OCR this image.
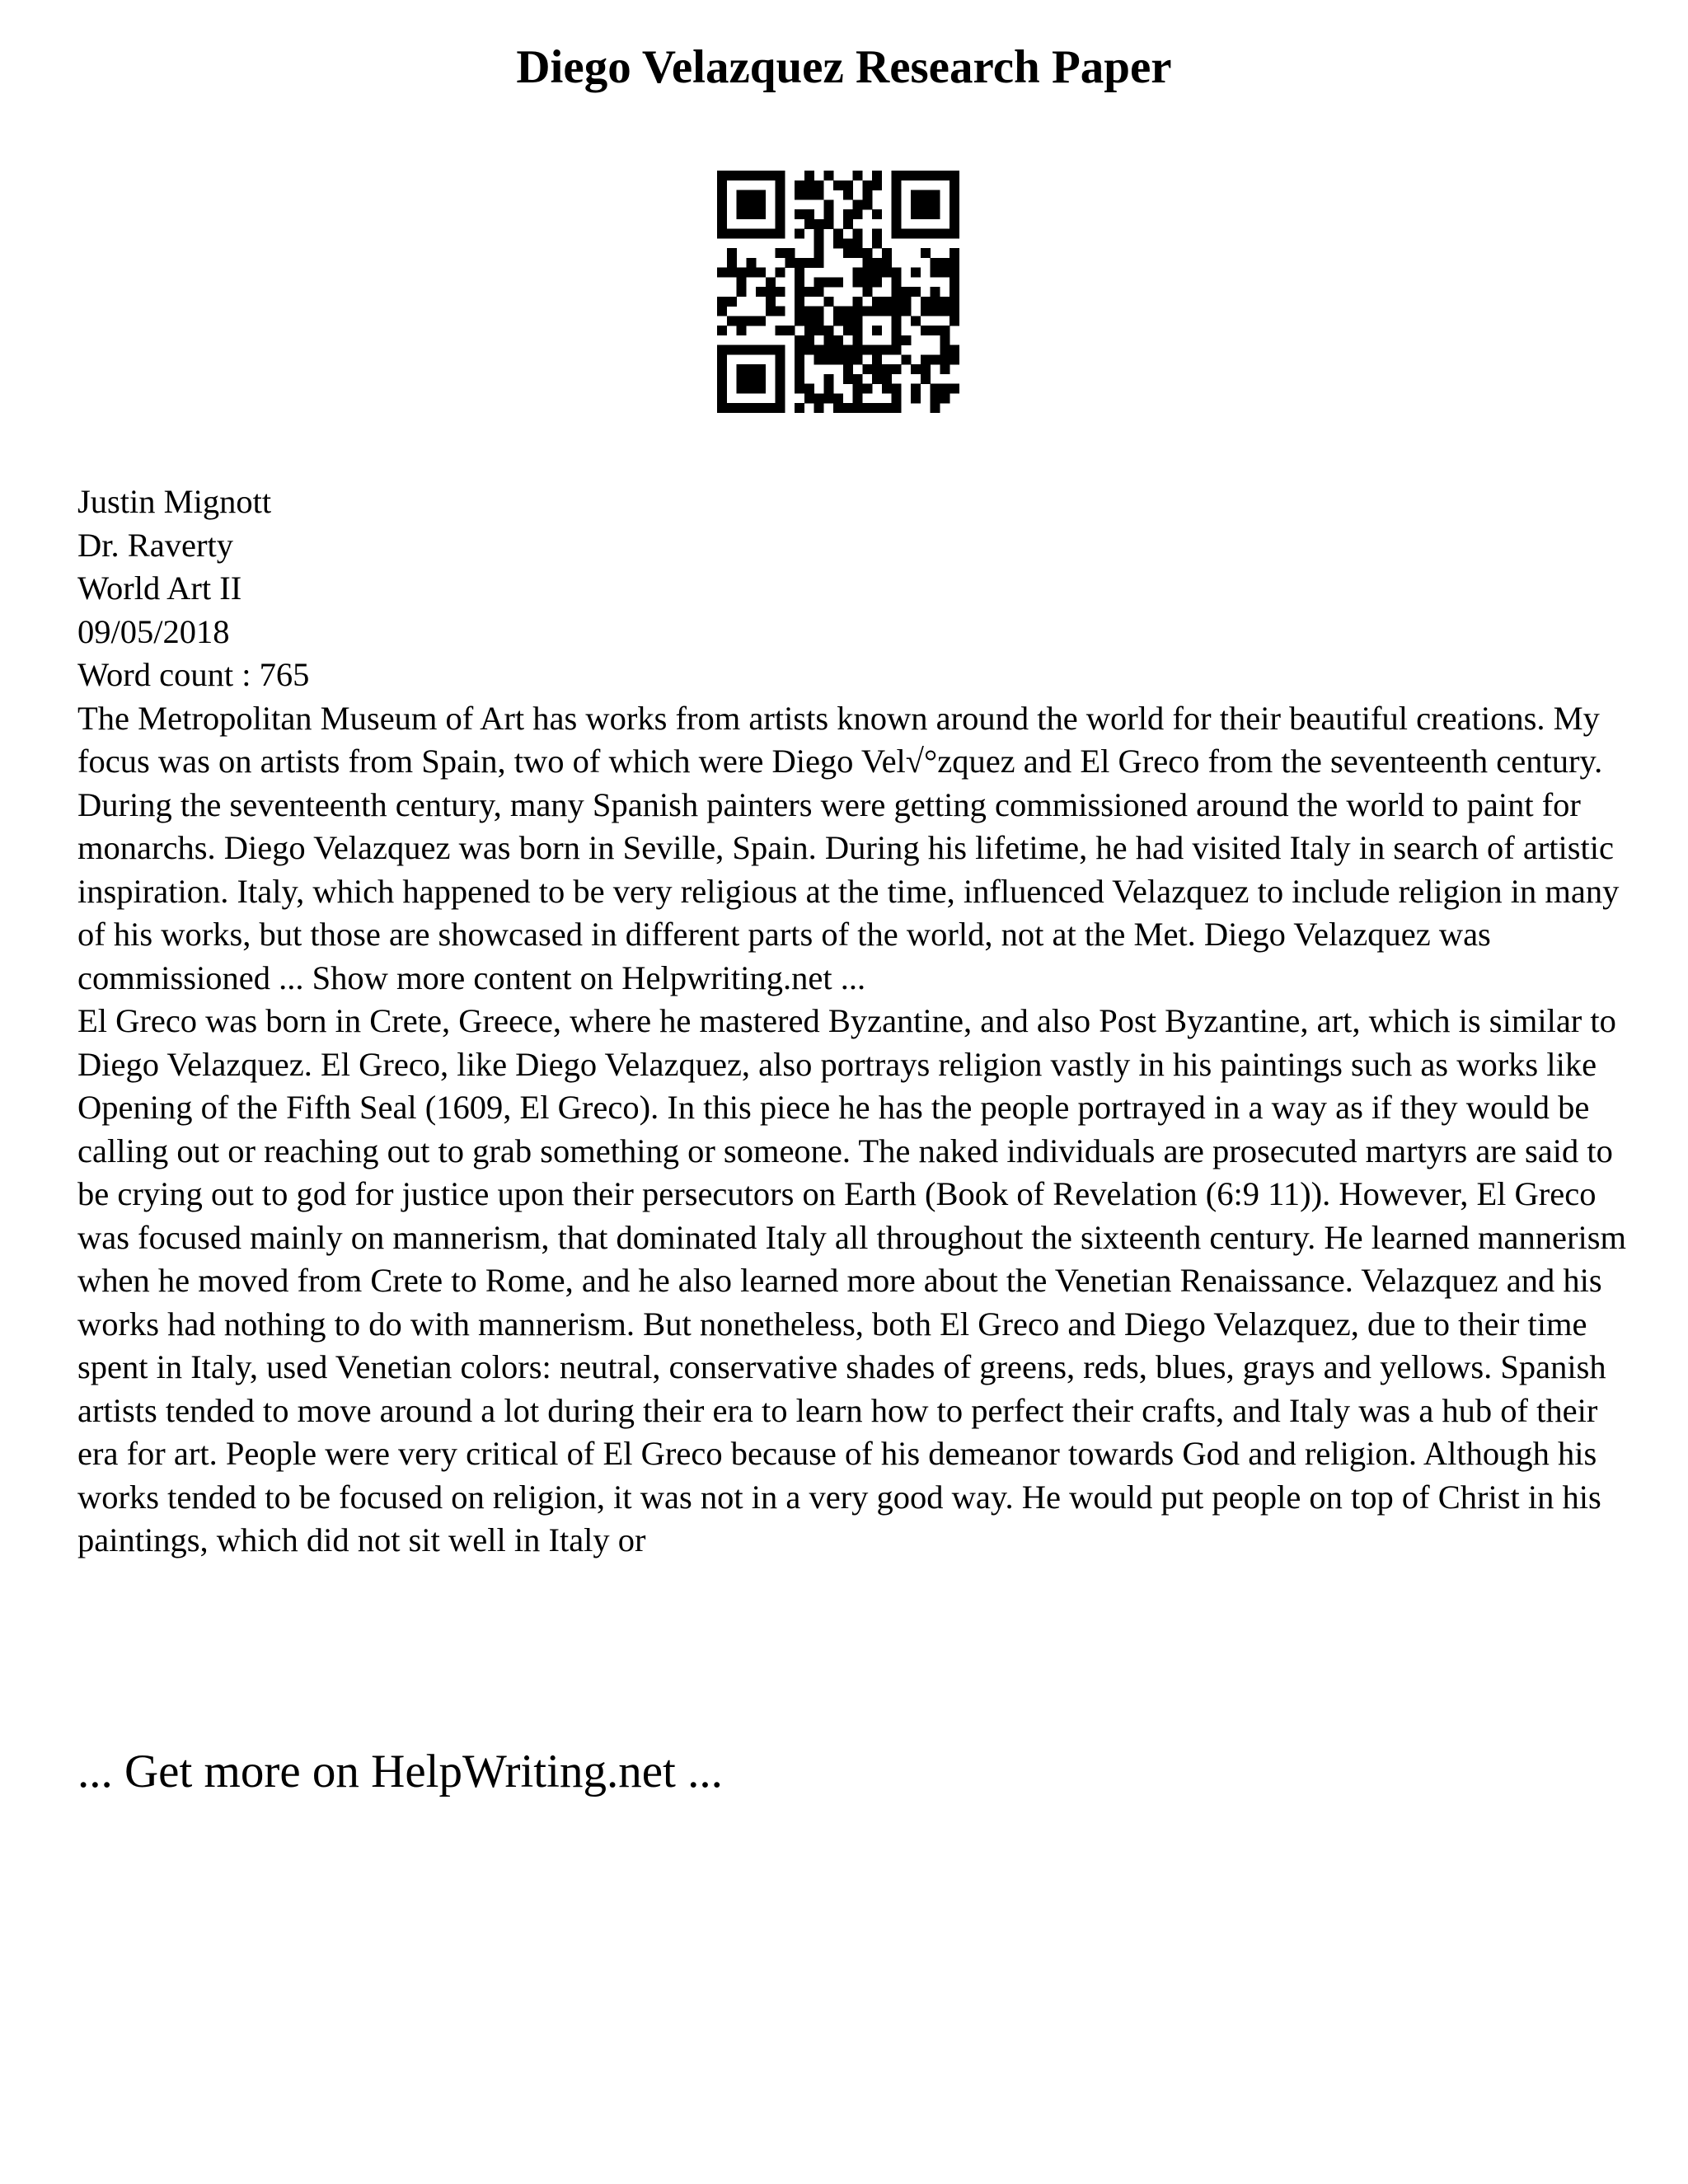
Diego Velazquez Research Paper

Justin Mignott

Dr. Raverty

World Art II

09/05/2018

Word count : 765

The Metropolitan Museum of Art has works from artists known around the world for their beautiful creations. My focus was on artists from Spain, two of which were Diego Vel√°zquez and El Greco from the seventeenth century. During the seventeenth century, many Spanish painters were getting commissioned around the world to paint for monarchs. Diego Velazquez was born in Seville, Spain. During his lifetime, he had visited Italy in search of artistic inspiration. Italy, which happened to be very religious at the time, influenced Velazquez to include religion in many of his works, but those are showcased in different parts of the world, not at the Met. Diego Velazquez was commissioned ... Show more content on Helpwriting.net ...

El Greco was born in Crete, Greece, where he mastered Byzantine, and also Post Byzantine, art, which is similar to Diego Velazquez. El Greco, like Diego Velazquez, also portrays religion vastly in his paintings such as works like Opening of the Fifth Seal (1609, El Greco). In this piece he has the people portrayed in a way as if they would be calling out or reaching out to grab something or someone. The naked individuals are prosecuted martyrs are said to be crying out to god for justice upon their persecutors on Earth (Book of Revelation (6:9 11)). However, El Greco was focused mainly on mannerism, that dominated Italy all throughout the sixteenth century. He learned mannerism when he moved from Crete to Rome, and he also learned more about the Venetian Renaissance. Velazquez and his works had nothing to do with mannerism. But nonetheless, both El Greco and Diego Velazquez, due to their time spent in Italy, used Venetian colors: neutral, conservative shades of greens, reds, blues, grays and yellows. Spanish artists tended to move around a lot during their era to learn how to perfect their crafts, and Italy was a hub of their era for art. People were very critical of El Greco because of his demeanor towards God and religion. Although his works tended to be focused on religion, it was not in a very good way. He would put people on top of Christ in his paintings, which did not sit well in Italy or

... Get more on HelpWriting.net ...
